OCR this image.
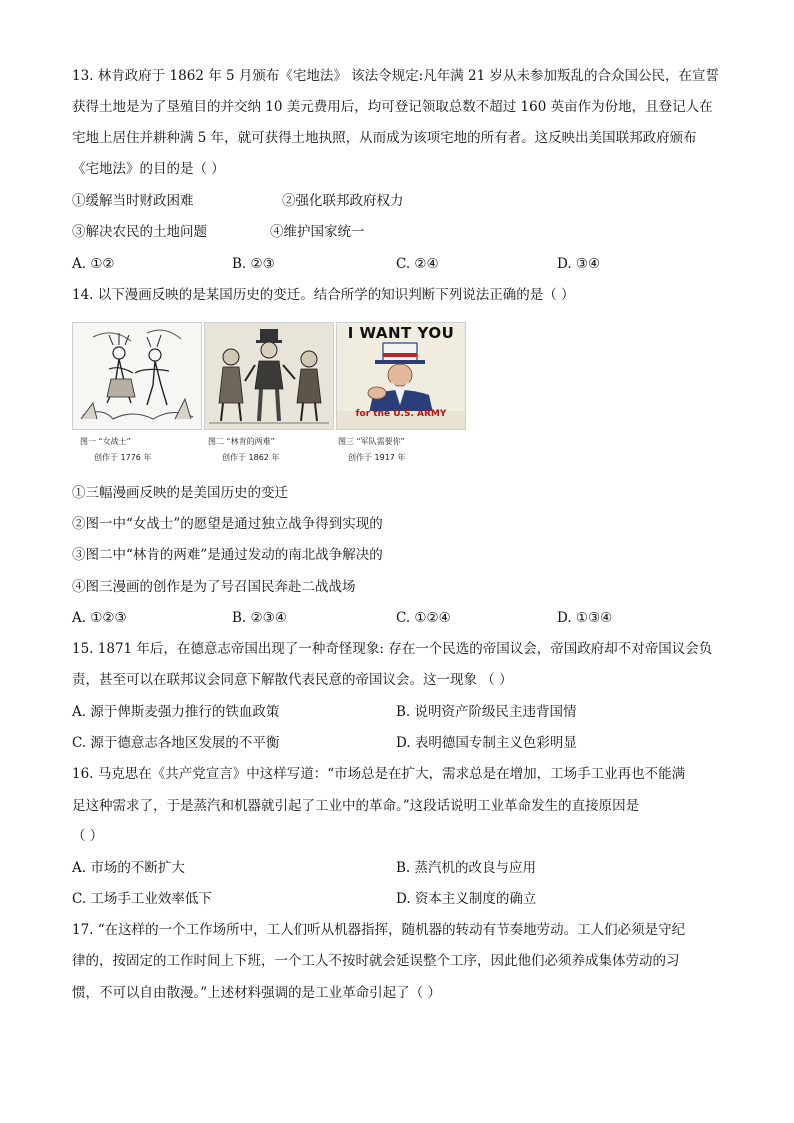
13. 林肯政府于 1862 年 5 月颁布《宅地法》 该法令规定:凡年满 21 岁从未参加叛乱的合众国公民，在宣誓
获得土地是为了垦殖目的并交纳 10 美元费用后，均可登记领取总数不超过 160 英亩作为份地，且登记人在
宅地上居住并耕种满 5 年，就可获得土地执照，从而成为该项宅地的所有者。这反映出美国联邦政府颁布
《宅地法》的目的是（ ）
①缓解当时财政困难	②强化联邦政府权力
③解决农民的土地问题	④维护国家统一
A. ①②	B. ②③	C. ②④	D. ③④
14. 以下漫画反映的是某国历史的变迁。结合所学的知识判断下列说法正确的是（ ）
I WANT YOU
for the U.S. ARMY
图一 “女战士”
创作于 1776 年
图二 “林肯的两难”
创作于 1862 年
图三 “军队需要你”
创作于 1917 年
①三幅漫画反映的是美国历史的变迁
②图一中“女战士”的愿望是通过独立战争得到实现的
③图二中“林肯的两难”是通过发动的南北战争解决的
④图三漫画的创作是为了号召国民奔赴二战战场
A. ①②③	B. ②③④	C. ①②④	D. ①③④
15. 1871 年后，在德意志帝国出现了一种奇怪现象: 存在一个民选的帝国议会，帝国政府却不对帝国议会负
责，甚至可以在联邦议会同意下解散代表民意的帝国议会。这一现象 （ ）
A. 源于俾斯麦强力推行的铁血政策	B. 说明资产阶级民主违背国情
C. 源于德意志各地区发展的不平衡	D. 表明德国专制主义色彩明显
16. 马克思在《共产党宣言》中这样写道：“市场总是在扩大，需求总是在增加，工场手工业再也不能满
足这种需求了，于是蒸汽和机器就引起了工业中的革命。”这段话说明工业革命发生的直接原因是
（ ）
A. 市场的不断扩大	B. 蒸汽机的改良与应用
C. 工场手工业效率低下	D. 资本主义制度的确立
17. “在这样的一个工作场所中，工人们听从机器指挥，随机器的转动有节奏地劳动。工人们必须是守纪
律的，按固定的工作时间上下班，一个工人不按时就会延误整个工序，因此他们必须养成集体劳动的习
惯，不可以自由散漫。”上述材料强调的是工业革命引起了（ ）
